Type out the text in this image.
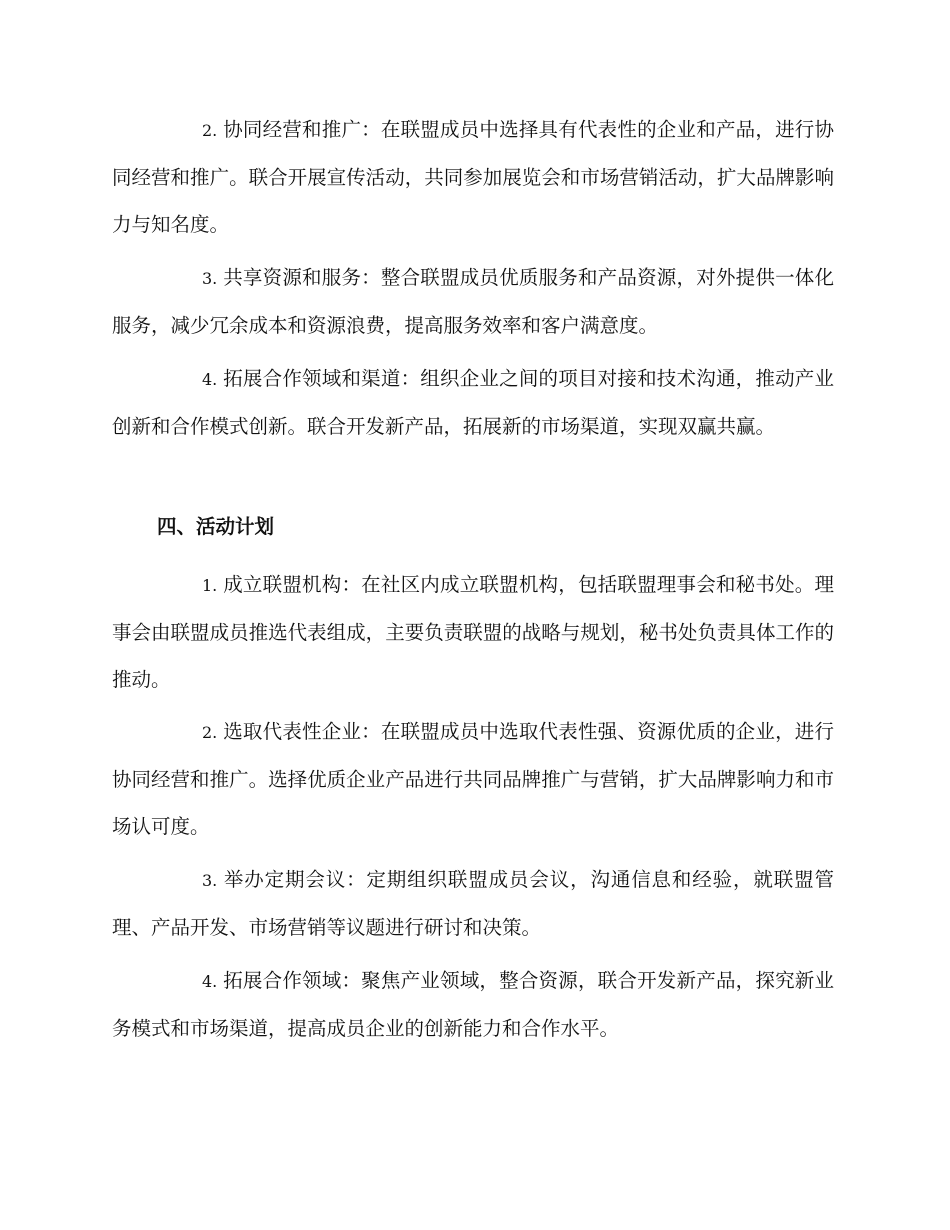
2. 协同经营和推广：在联盟成员中选择具有代表性的企业和产品，进行协同经营和推广。联合开展宣传活动，共同参加展览会和市场营销活动，扩大品牌影响力与知名度。
3. 共享资源和服务：整合联盟成员优质服务和产品资源，对外提供一体化服务，减少冗余成本和资源浪费，提高服务效率和客户满意度。
4. 拓展合作领域和渠道：组织企业之间的项目对接和技术沟通，推动产业创新和合作模式创新。联合开发新产品，拓展新的市场渠道，实现双赢共赢。
四、活动计划
1. 成立联盟机构：在社区内成立联盟机构，包括联盟理事会和秘书处。理事会由联盟成员推选代表组成，主要负责联盟的战略与规划，秘书处负责具体工作的推动。
2. 选取代表性企业：在联盟成员中选取代表性强、资源优质的企业，进行协同经营和推广。选择优质企业产品进行共同品牌推广与营销，扩大品牌影响力和市场认可度。
3. 举办定期会议：定期组织联盟成员会议，沟通信息和经验，就联盟管理、产品开发、市场营销等议题进行研讨和决策。
4. 拓展合作领域：聚焦产业领域，整合资源，联合开发新产品，探究新业务模式和市场渠道，提高成员企业的创新能力和合作水平。
